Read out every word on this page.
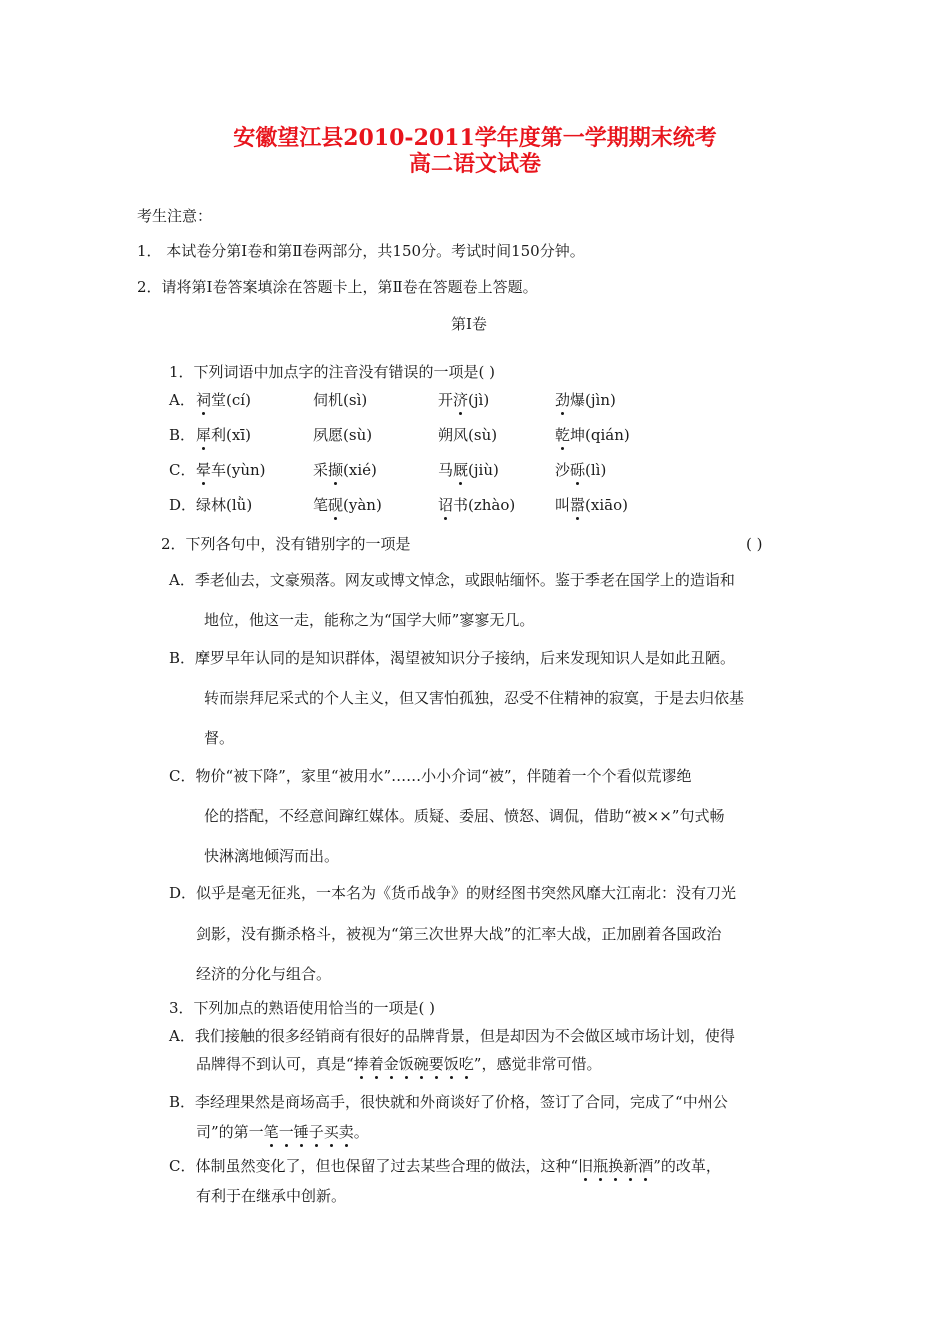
安徽望江县2010-2011学年度第一学期期末统考
高二语文试卷
考生注意：
1． 本试卷分第Ⅰ卷和第Ⅱ卷两部分，共150分。考试时间150分钟。
2．请将第Ⅰ卷答案填涂在答题卡上，第Ⅱ卷在答题卷上答题。
第Ⅰ卷
1．下列词语中加点字的注音没有错误的一项是( )
A． 祠堂(cí)	伺机(sì)	开济(jì)	劲爆(jìn)
B． 犀利(xī)	夙愿(sù)	朔风(sù)	乾坤(qián)
C． 晕车(yùn)	采撷(xié)	马厩(jiù)	沙砾(lì)
D． 绿林(lǜ)	笔砚(yàn)	诏书(zhào)	叫嚣(xiāo)
2．下列各句中，没有错别字的一项是	( )
A．季老仙去，文豪殒落。网友或博文悼念，或跟帖缅怀。鉴于季老在国学上的造诣和
地位，他这一走，能称之为“国学大师”寥寥无几。
B．摩罗早年认同的是知识群体，渴望被知识分子接纳，后来发现知识人是如此丑陋。
转而崇拜尼采式的个人主义，但又害怕孤独，忍受不住精神的寂寞，于是去归依基
督。
C．物价“被下降”，家里“被用水”……小小介词“被”，伴随着一个个看似荒谬绝
伦的搭配，不经意间蹿红媒体。质疑、委屈、愤怒、调侃，借助“被××”句式畅
快淋漓地倾泻而出。
D．似乎是毫无征兆，一本名为《货币战争》的财经图书突然风靡大江南北：没有刀光
剑影，没有撕杀格斗，被视为“第三次世界大战”的汇率大战，正加剧着各国政治
经济的分化与组合。
3．下列加点的熟语使用恰当的一项是( )
A．我们接触的很多经销商有很好的品牌背景，但是却因为不会做区域市场计划，使得
品牌得不到认可，真是“捧着金饭碗要饭吃”，感觉非常可惜。
B．李经理果然是商场高手，很快就和外商谈好了价格，签订了合同，完成了“中州公
司”的第一笔一锤子买卖。
C．体制虽然变化了，但也保留了过去某些合理的做法，这种“旧瓶换新酒”的改革，
有利于在继承中创新。
